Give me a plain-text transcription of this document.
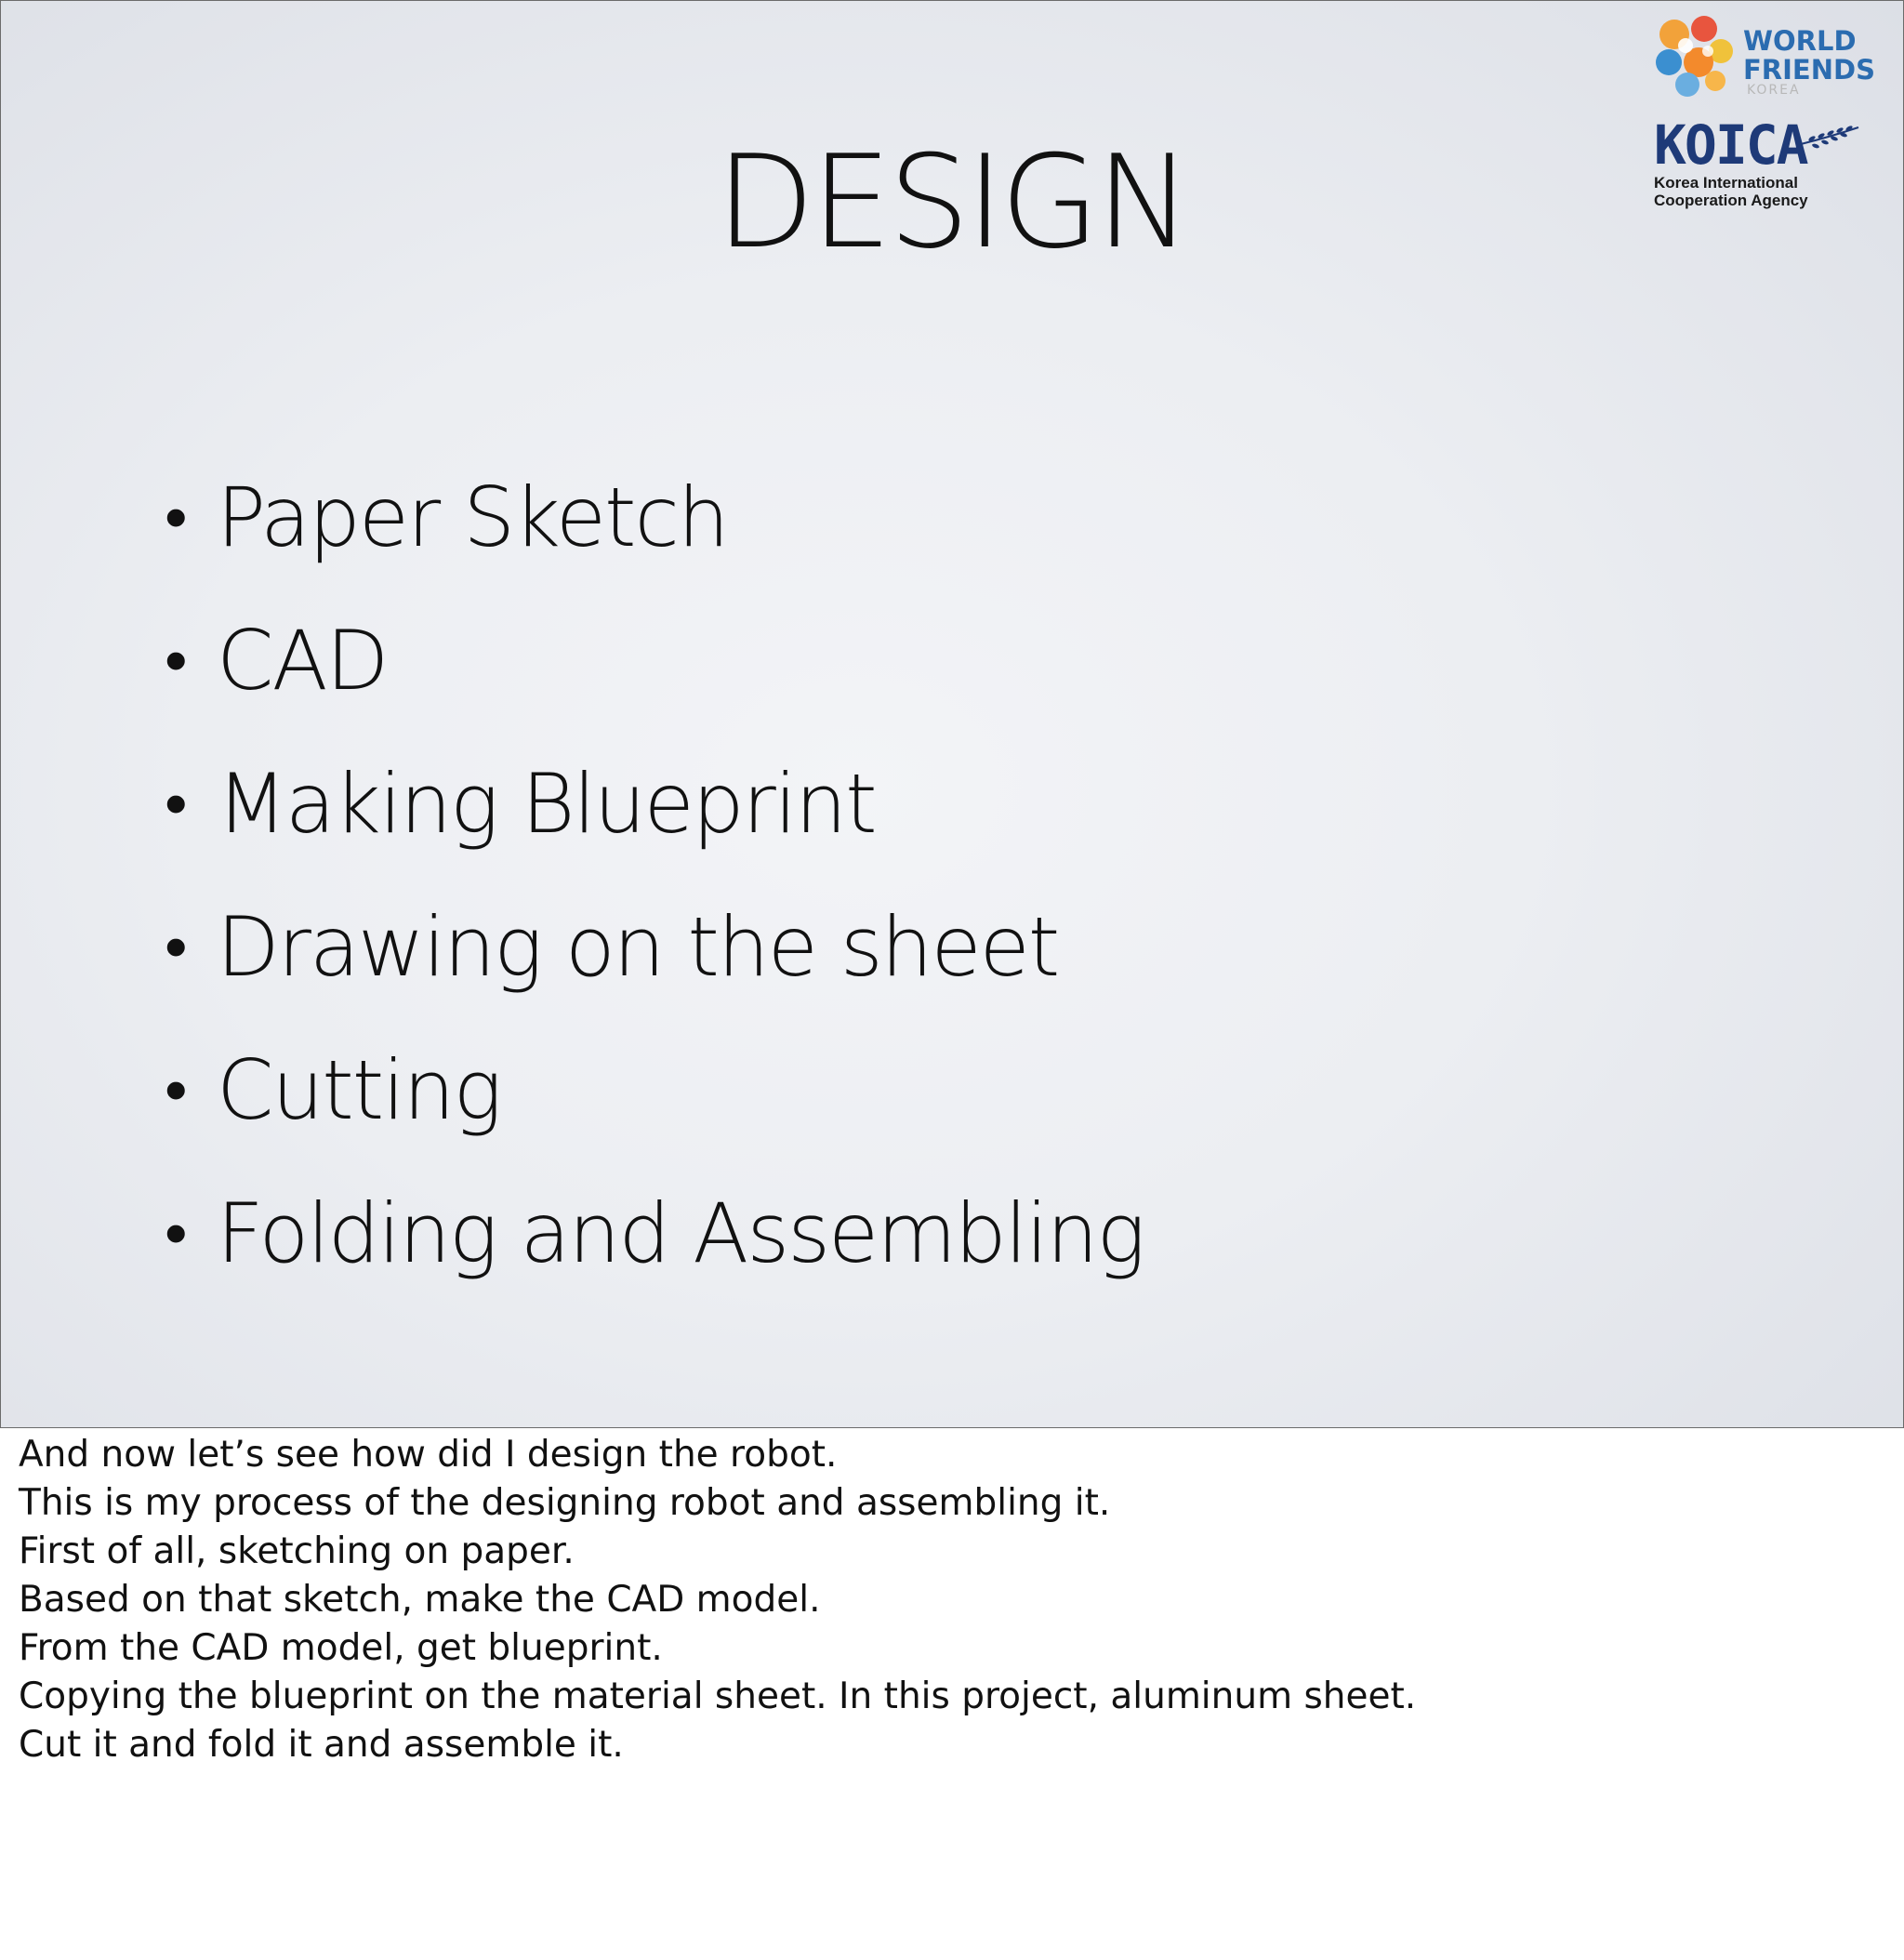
WORLD
FRIENDS
KOREA
KOICA
Korea International
Cooperation Agency
DESIGN
• Paper Sketch
• CAD
• Making Blueprint
• Drawing on the sheet
• Cutting
• Folding and Assembling
And now let’s see how did I design the robot.
This is my process of the designing robot and assembling it.
First of all, sketching on paper.
Based on that sketch, make the CAD model.
From the CAD model, get blueprint.
Copying the blueprint on the material sheet. In this project, aluminum sheet.
Cut it and fold it and assemble it.
